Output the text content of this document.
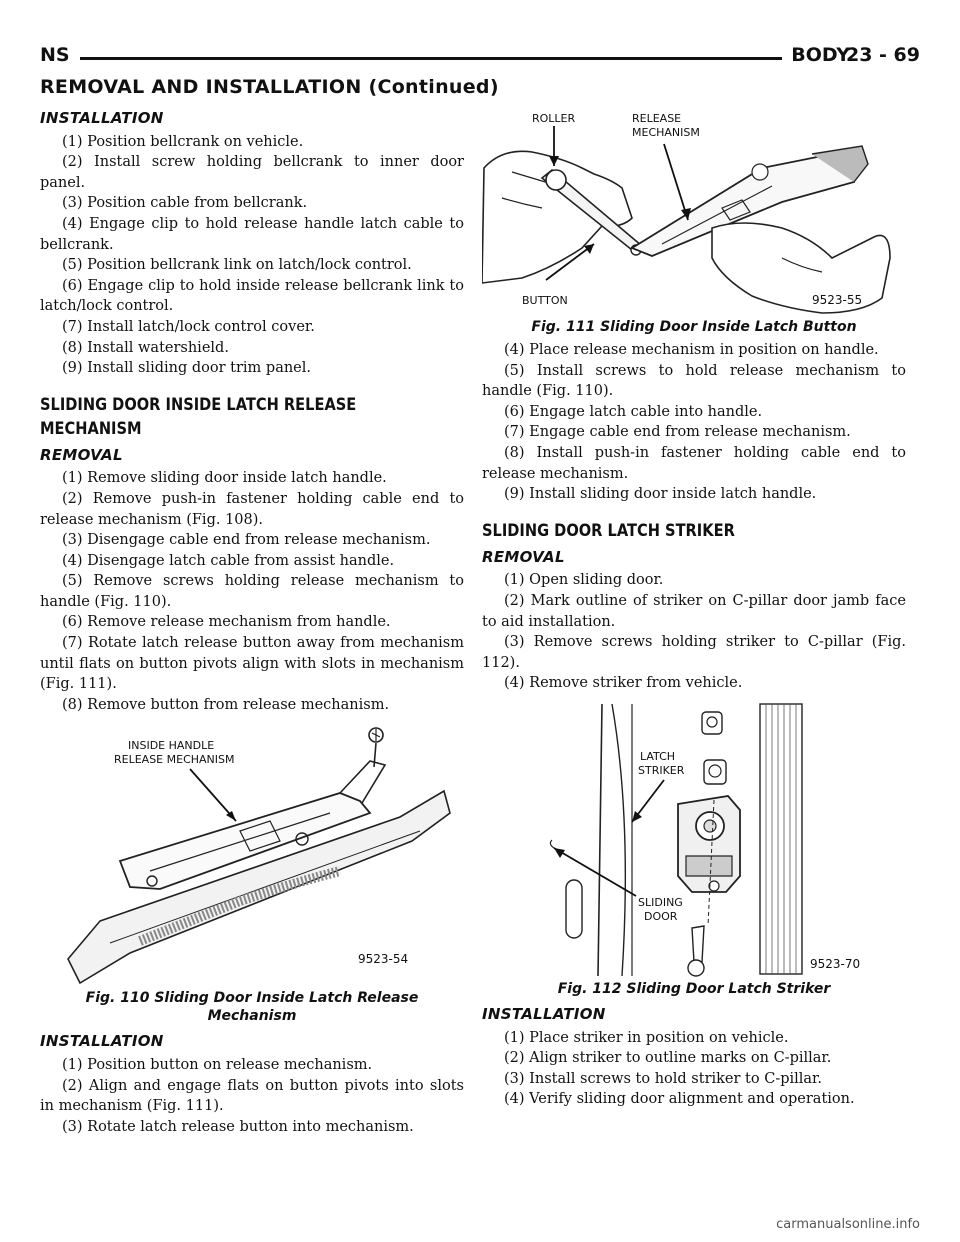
NS	BODY
23 - 69
REMOVAL AND INSTALLATION (Continued)
INSTALLATION

(1) Position bellcrank on vehicle.

(2) Install screw holding bellcrank to inner door panel.

(3) Position cable from bellcrank.

(4) Engage clip to hold release handle latch cable to bellcrank.

(5) Position bellcrank link on latch/lock control.

(6) Engage clip to hold inside release bellcrank link to latch/lock control.

(7) Install latch/lock control cover.

(8) Install watershield.

(9) Install sliding door trim panel.

SLIDING DOOR INSIDE LATCH RELEASE MECHANISM
REMOVAL

(1) Remove sliding door inside latch handle.

(2) Remove push-in fastener holding cable end to release mechanism (Fig. 108).

(3) Disengage cable end from release mechanism.

(4) Disengage latch cable from assist handle.

(5) Remove screws holding release mechanism to handle (Fig. 110).

(6) Remove release mechanism from handle.

(7) Rotate latch release button away from mechanism until flats on button pivots align with slots in mechanism (Fig. 111).

(8) Remove button from release mechanism.

INSIDE HANDLE
RELEASE MECHANISM
9523-54
Fig. 110 Sliding Door Inside Latch Release Mechanism
INSTALLATION

(1) Position button on release mechanism.

(2) Align and engage flats on button pivots into slots in mechanism (Fig. 111).

(3) Rotate latch release button into mechanism.

ROLLER	RELEASE
MECHANISM
BUTTON	9523-55
Fig. 111 Sliding Door Inside Latch Button

(4) Place release mechanism in position on handle.

(5) Install screws to hold release mechanism to handle (Fig. 110).

(6) Engage latch cable into handle.

(7) Engage cable end from release mechanism.

(8) Install push-in fastener holding cable end to release mechanism.

(9) Install sliding door inside latch handle.

SLIDING DOOR LATCH STRIKER
REMOVAL

(1) Open sliding door.

(2) Mark outline of striker on C-pillar door jamb face to aid installation.

(3) Remove screws holding striker to C-pillar (Fig. 112).

(4) Remove striker from vehicle.

LATCH
STRIKER
SLIDING
DOOR
9523-70
Fig. 112 Sliding Door Latch Striker
INSTALLATION

(1) Place striker in position on vehicle.

(2) Align striker to outline marks on C-pillar.

(3) Install screws to hold striker to C-pillar.

(4) Verify sliding door alignment and operation.

carmanualsonline.info
